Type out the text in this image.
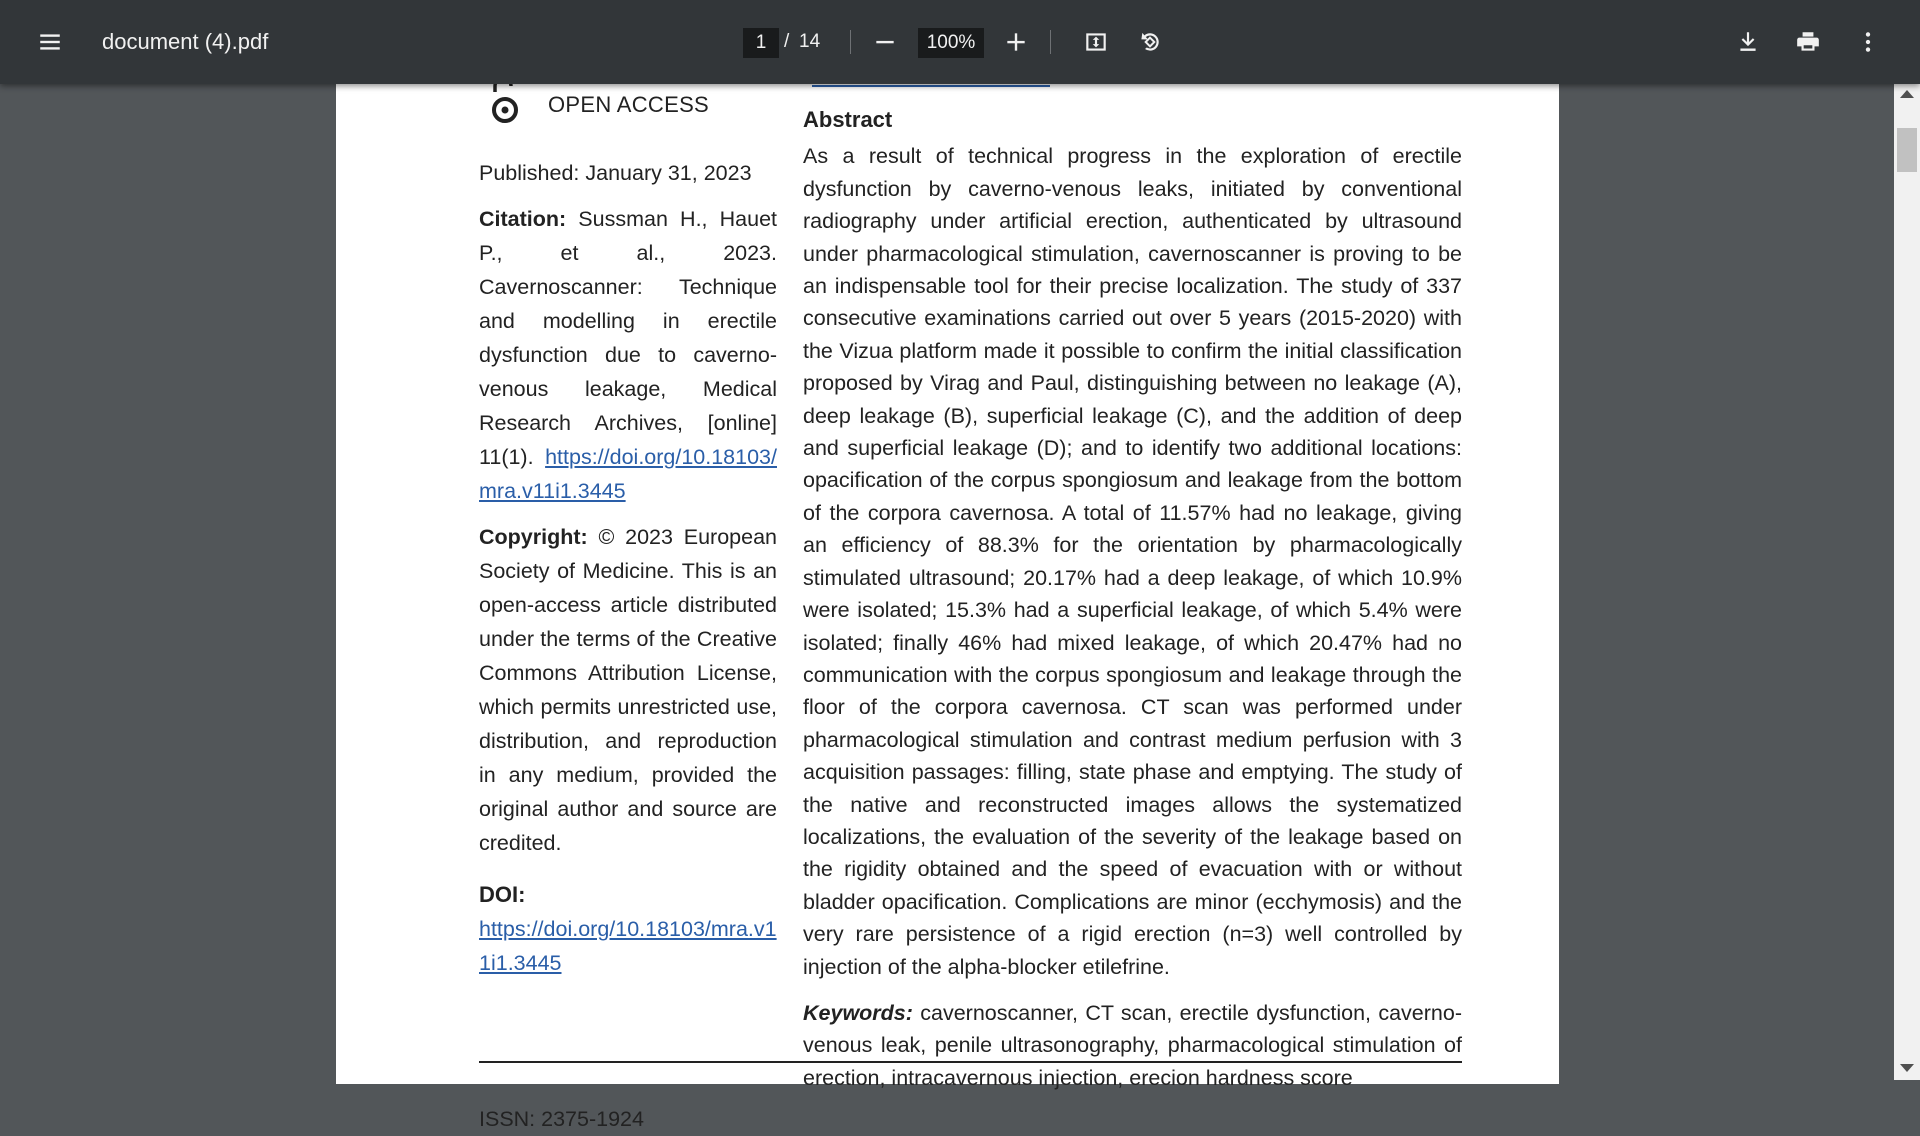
document (4).pdf
1	/ 14
100%
OPEN ACCESS

Published: January 31, 2023

Citation: Sussman H., Hauet P., et al., 2023. Cavernoscanner: Technique and modelling in erectile dysfunction due to caverno-venous leakage, Medical Research Archives, [online] 11(1). https://doi.org/10.18103/mra.v11i1.3445

Copyright: © 2023 European Society of Medicine. This is an open-access article distributed under the terms of the Creative Commons Attribution License, which permits unrestricted use, distribution, and reproduction in any medium, provided the original author and source are credited.

DOI:

https://doi.org/10.18103/mra.v11i1.3445

ISSN: 2375-1924
Abstract

As a result of technical progress in the exploration of erectile dysfunction by caverno-venous leaks, initiated by conventional radiography under artificial erection, authenticated by ultrasound under pharmacological stimulation, cavernoscanner is proving to be an indispensable tool for their precise localization. The study of 337 consecutive examinations carried out over 5 years (2015-2020) with the Vizua platform made it possible to confirm the initial classification proposed by Virag and Paul, distinguishing between no leakage (A), deep leakage (B), superficial leakage (C), and the addition of deep and superficial leakage (D); and to identify two additional locations: opacification of the corpus spongiosum and leakage from the bottom of the corpora cavernosa. A total of 11.57% had no leakage, giving an efficiency of 88.3% for the orientation by pharmacologically stimulated ultrasound; 20.17% had a deep leakage, of which 10.9% were isolated; 15.3% had a superficial leakage, of which 5.4% were isolated; finally 46% had mixed leakage, of which 20.47% had no communication with the corpus spongiosum and leakage through the floor of the corpora cavernosa. CT scan was performed under pharmacological stimulation and contrast medium perfusion with 3 acquisition passages: filling, state phase and emptying. The study of the native and reconstructed images allows the systematized localizations, the evaluation of the severity of the leakage based on the rigidity obtained and the speed of evacuation with or without bladder opacification. Complications are minor (ecchymosis) and the very rare persistence of a rigid erection (n=3) well controlled by injection of the alpha-blocker etilefrine.

Keywords: cavernoscanner, CT scan, erectile dysfunction, caverno-venous leak, penile ultrasonography, pharmacological stimulation of erection, intracavernous injection, erecion hardness score
